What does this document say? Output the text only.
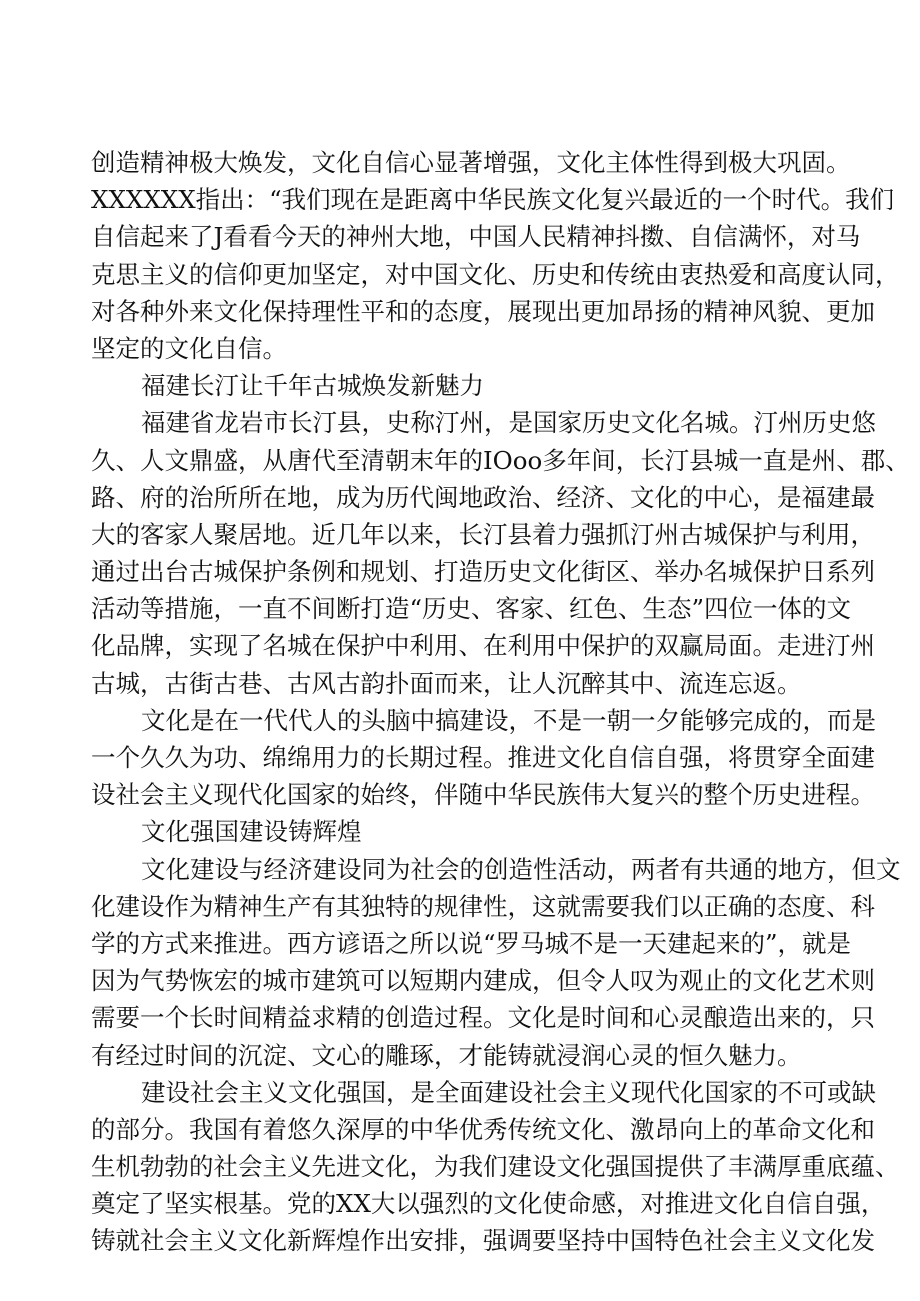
创造精神极大焕发，文化自信心显著增强，文化主体性得到极大巩固。
XXXXXX指出：“我们现在是距离中华民族文化复兴最近的一个时代。我们
自信起来了J看看今天的神州大地，中国人民精神抖擞、自信满怀，对马
克思主义的信仰更加坚定，对中国文化、历史和传统由衷热爱和高度认同，
对各种外来文化保持理性平和的态度，展现出更加昂扬的精神风貌、更加
坚定的文化自信。
福建长汀让千年古城焕发新魅力
福建省龙岩市长汀县，史称汀州，是国家历史文化名城。汀州历史悠
久、人文鼎盛，从唐代至清朝末年的IOoo多年间，长汀县城一直是州、郡、
路、府的治所所在地，成为历代闽地政治、经济、文化的中心，是福建最
大的客家人聚居地。近几年以来，长汀县着力强抓汀州古城保护与利用，
通过出台古城保护条例和规划、打造历史文化街区、举办名城保护日系列
活动等措施，一直不间断打造“历史、客家、红色、生态”四位一体的文
化品牌，实现了名城在保护中利用、在利用中保护的双赢局面。走进汀州
古城，古街古巷、古风古韵扑面而来，让人沉醉其中、流连忘返。
文化是在一代代人的头脑中搞建设，不是一朝一夕能够完成的，而是
一个久久为功、绵绵用力的长期过程。推进文化自信自强，将贯穿全面建
设社会主义现代化国家的始终，伴随中华民族伟大复兴的整个历史进程。
文化强国建设铸辉煌
文化建设与经济建设同为社会的创造性活动，两者有共通的地方，但文
化建设作为精神生产有其独特的规律性，这就需要我们以正确的态度、科
学的方式来推进。西方谚语之所以说“罗马城不是一天建起来的”，就是
因为气势恢宏的城市建筑可以短期内建成，但令人叹为观止的文化艺术则
需要一个长时间精益求精的创造过程。文化是时间和心灵酿造出来的，只
有经过时间的沉淀、文心的雕琢，才能铸就浸润心灵的恒久魅力。
建设社会主义文化强国，是全面建设社会主义现代化国家的不可或缺
的部分。我国有着悠久深厚的中华优秀传统文化、激昂向上的革命文化和
生机勃勃的社会主义先进文化，为我们建设文化强国提供了丰满厚重底蕴、
奠定了坚实根基。党的XX大以强烈的文化使命感，对推进文化自信自强，
铸就社会主义文化新辉煌作出安排，强调要坚持中国特色社会主义文化发
